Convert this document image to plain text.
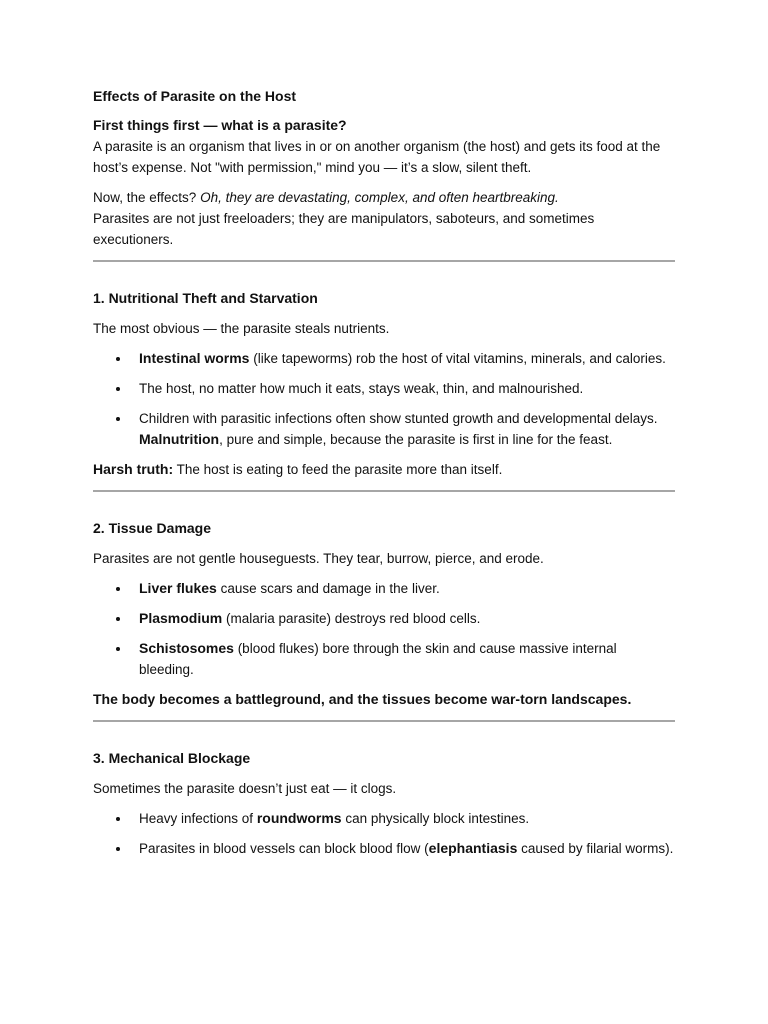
Effects of Parasite on the Host
First things first — what is a parasite?

A parasite is an organism that lives in or on another organism (the host) and gets its food at the host’s expense. Not "with permission," mind you — it’s a slow, silent theft.

Now, the effects? Oh, they are devastating, complex, and often heartbreaking.

Parasites are not just freeloaders; they are manipulators, saboteurs, and sometimes executioners.

1. Nutritional Theft and Starvation

The most obvious — the parasite steals nutrients.

Intestinal worms (like tapeworms) rob the host of vital vitamins, minerals, and calories.
The host, no matter how much it eats, stays weak, thin, and malnourished.
Children with parasitic infections often show stunted growth and developmental delays. Malnutrition, pure and simple, because the parasite is first in line for the feast.

Harsh truth: The host is eating to feed the parasite more than itself.

2. Tissue Damage

Parasites are not gentle houseguests. They tear, burrow, pierce, and erode.

Liver flukes cause scars and damage in the liver.
Plasmodium (malaria parasite) destroys red blood cells.
Schistosomes (blood flukes) bore through the skin and cause massive internal bleeding.

The body becomes a battleground, and the tissues become war-torn landscapes.

3. Mechanical Blockage

Sometimes the parasite doesn’t just eat — it clogs.

Heavy infections of roundworms can physically block intestines.
Parasites in blood vessels can block blood flow (elephantiasis caused by filarial worms).
